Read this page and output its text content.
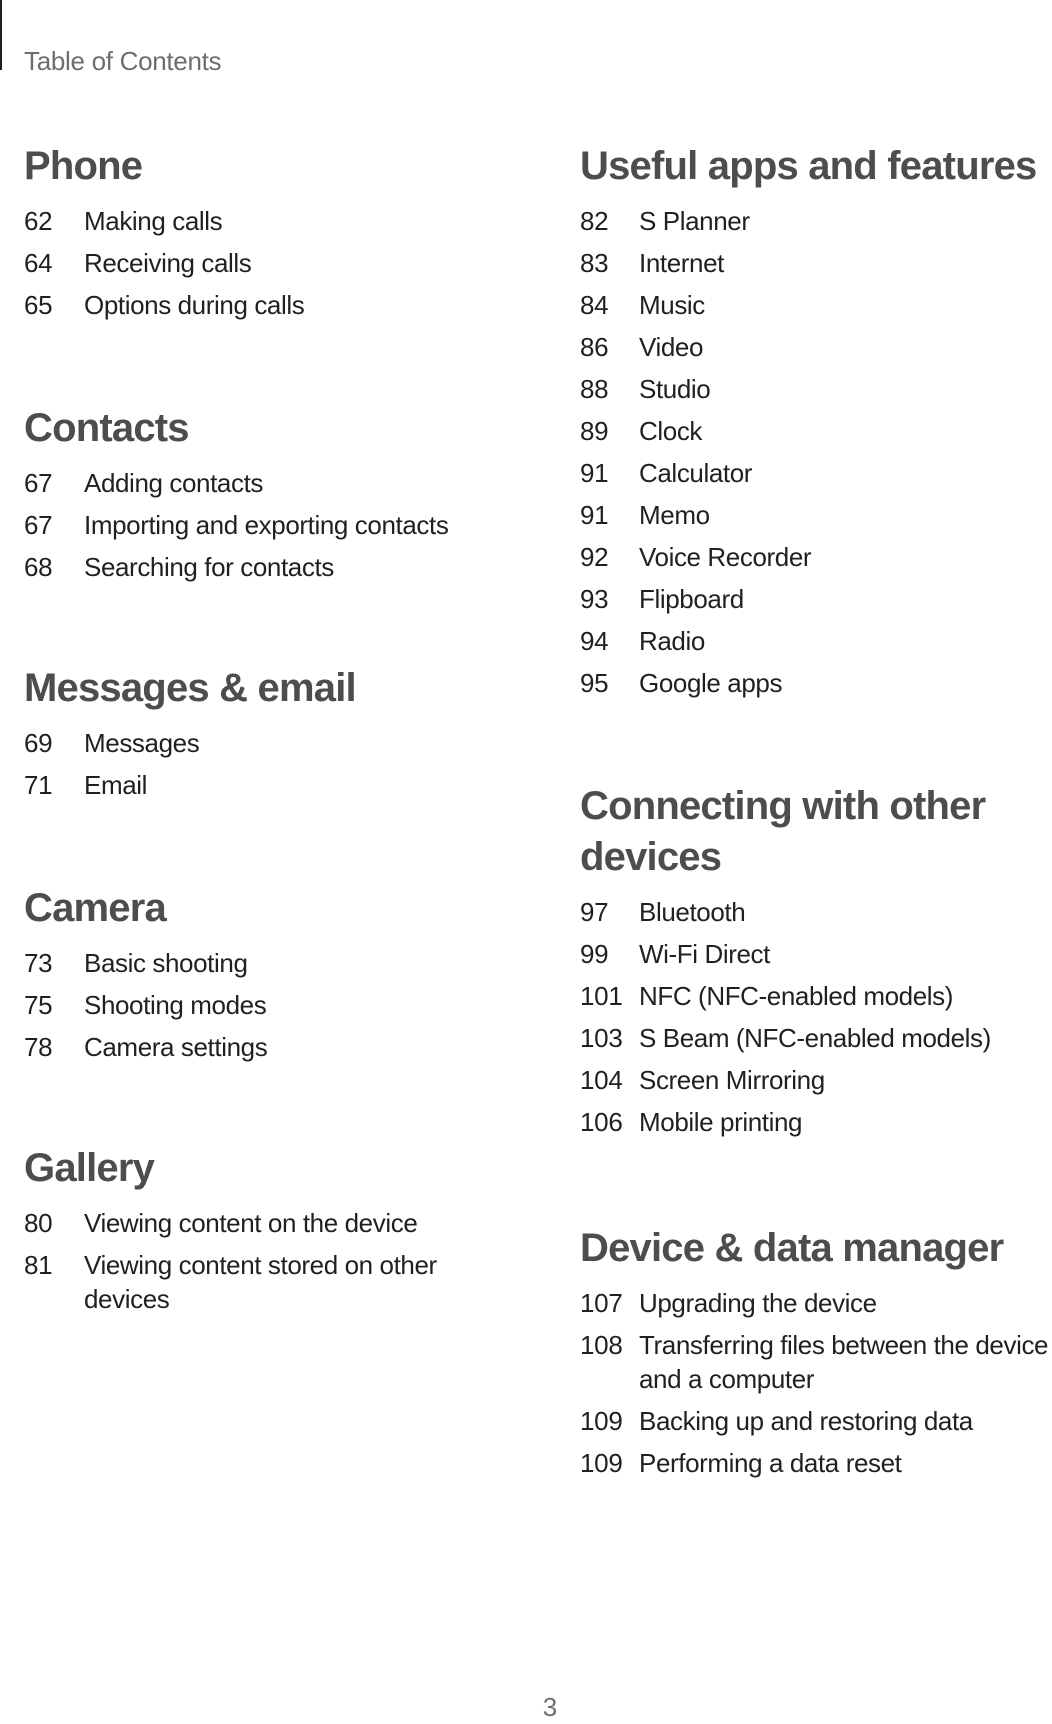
Table of Contents
Phone
62	Making calls
64	Receiving calls
65	Options during calls
Contacts
67	Adding contacts
67	Importing and exporting contacts
68	Searching for contacts
Messages & email
69	Messages
71	Email
Camera
73	Basic shooting
75	Shooting modes
78	Camera settings
Gallery
80	Viewing content on the device
81	Viewing content stored on other devices
Useful apps and features
82	S Planner
83	Internet
84	Music
86	Video
88	Studio
89	Clock
91	Calculator
91	Memo
92	Voice Recorder
93	Flipboard
94	Radio
95	Google apps
Connecting with other devices
97	Bluetooth
99	Wi-Fi Direct
101 NFC (NFC-enabled models)
103 S Beam (NFC-enabled models)
104 Screen Mirroring
106 Mobile printing
Device & data manager
107 Upgrading the device
108 Transferring files between the device and a computer
109 Backing up and restoring data
109 Performing a data reset
3
